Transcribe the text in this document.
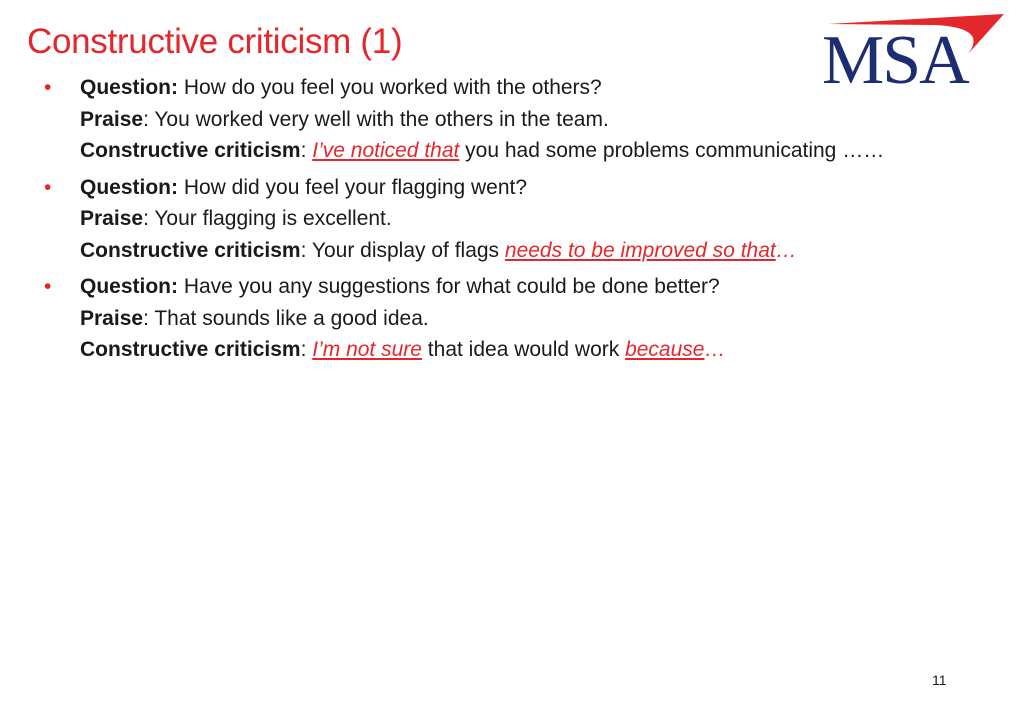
Constructive criticism (1)	MSA
• Question: How do you feel you worked with the others?
Praise: You worked very well with the others in the team.
Constructive criticism: I’ve noticed that you had some problems communicating ……
• Question: How did you feel your flagging went?
Praise: Your flagging is excellent.
Constructive criticism: Your display of flags needs to be improved so that…
• Question: Have you any suggestions for what could be done better?
Praise: That sounds like a good idea.
Constructive criticism: I’m not sure that idea would work because…
11
